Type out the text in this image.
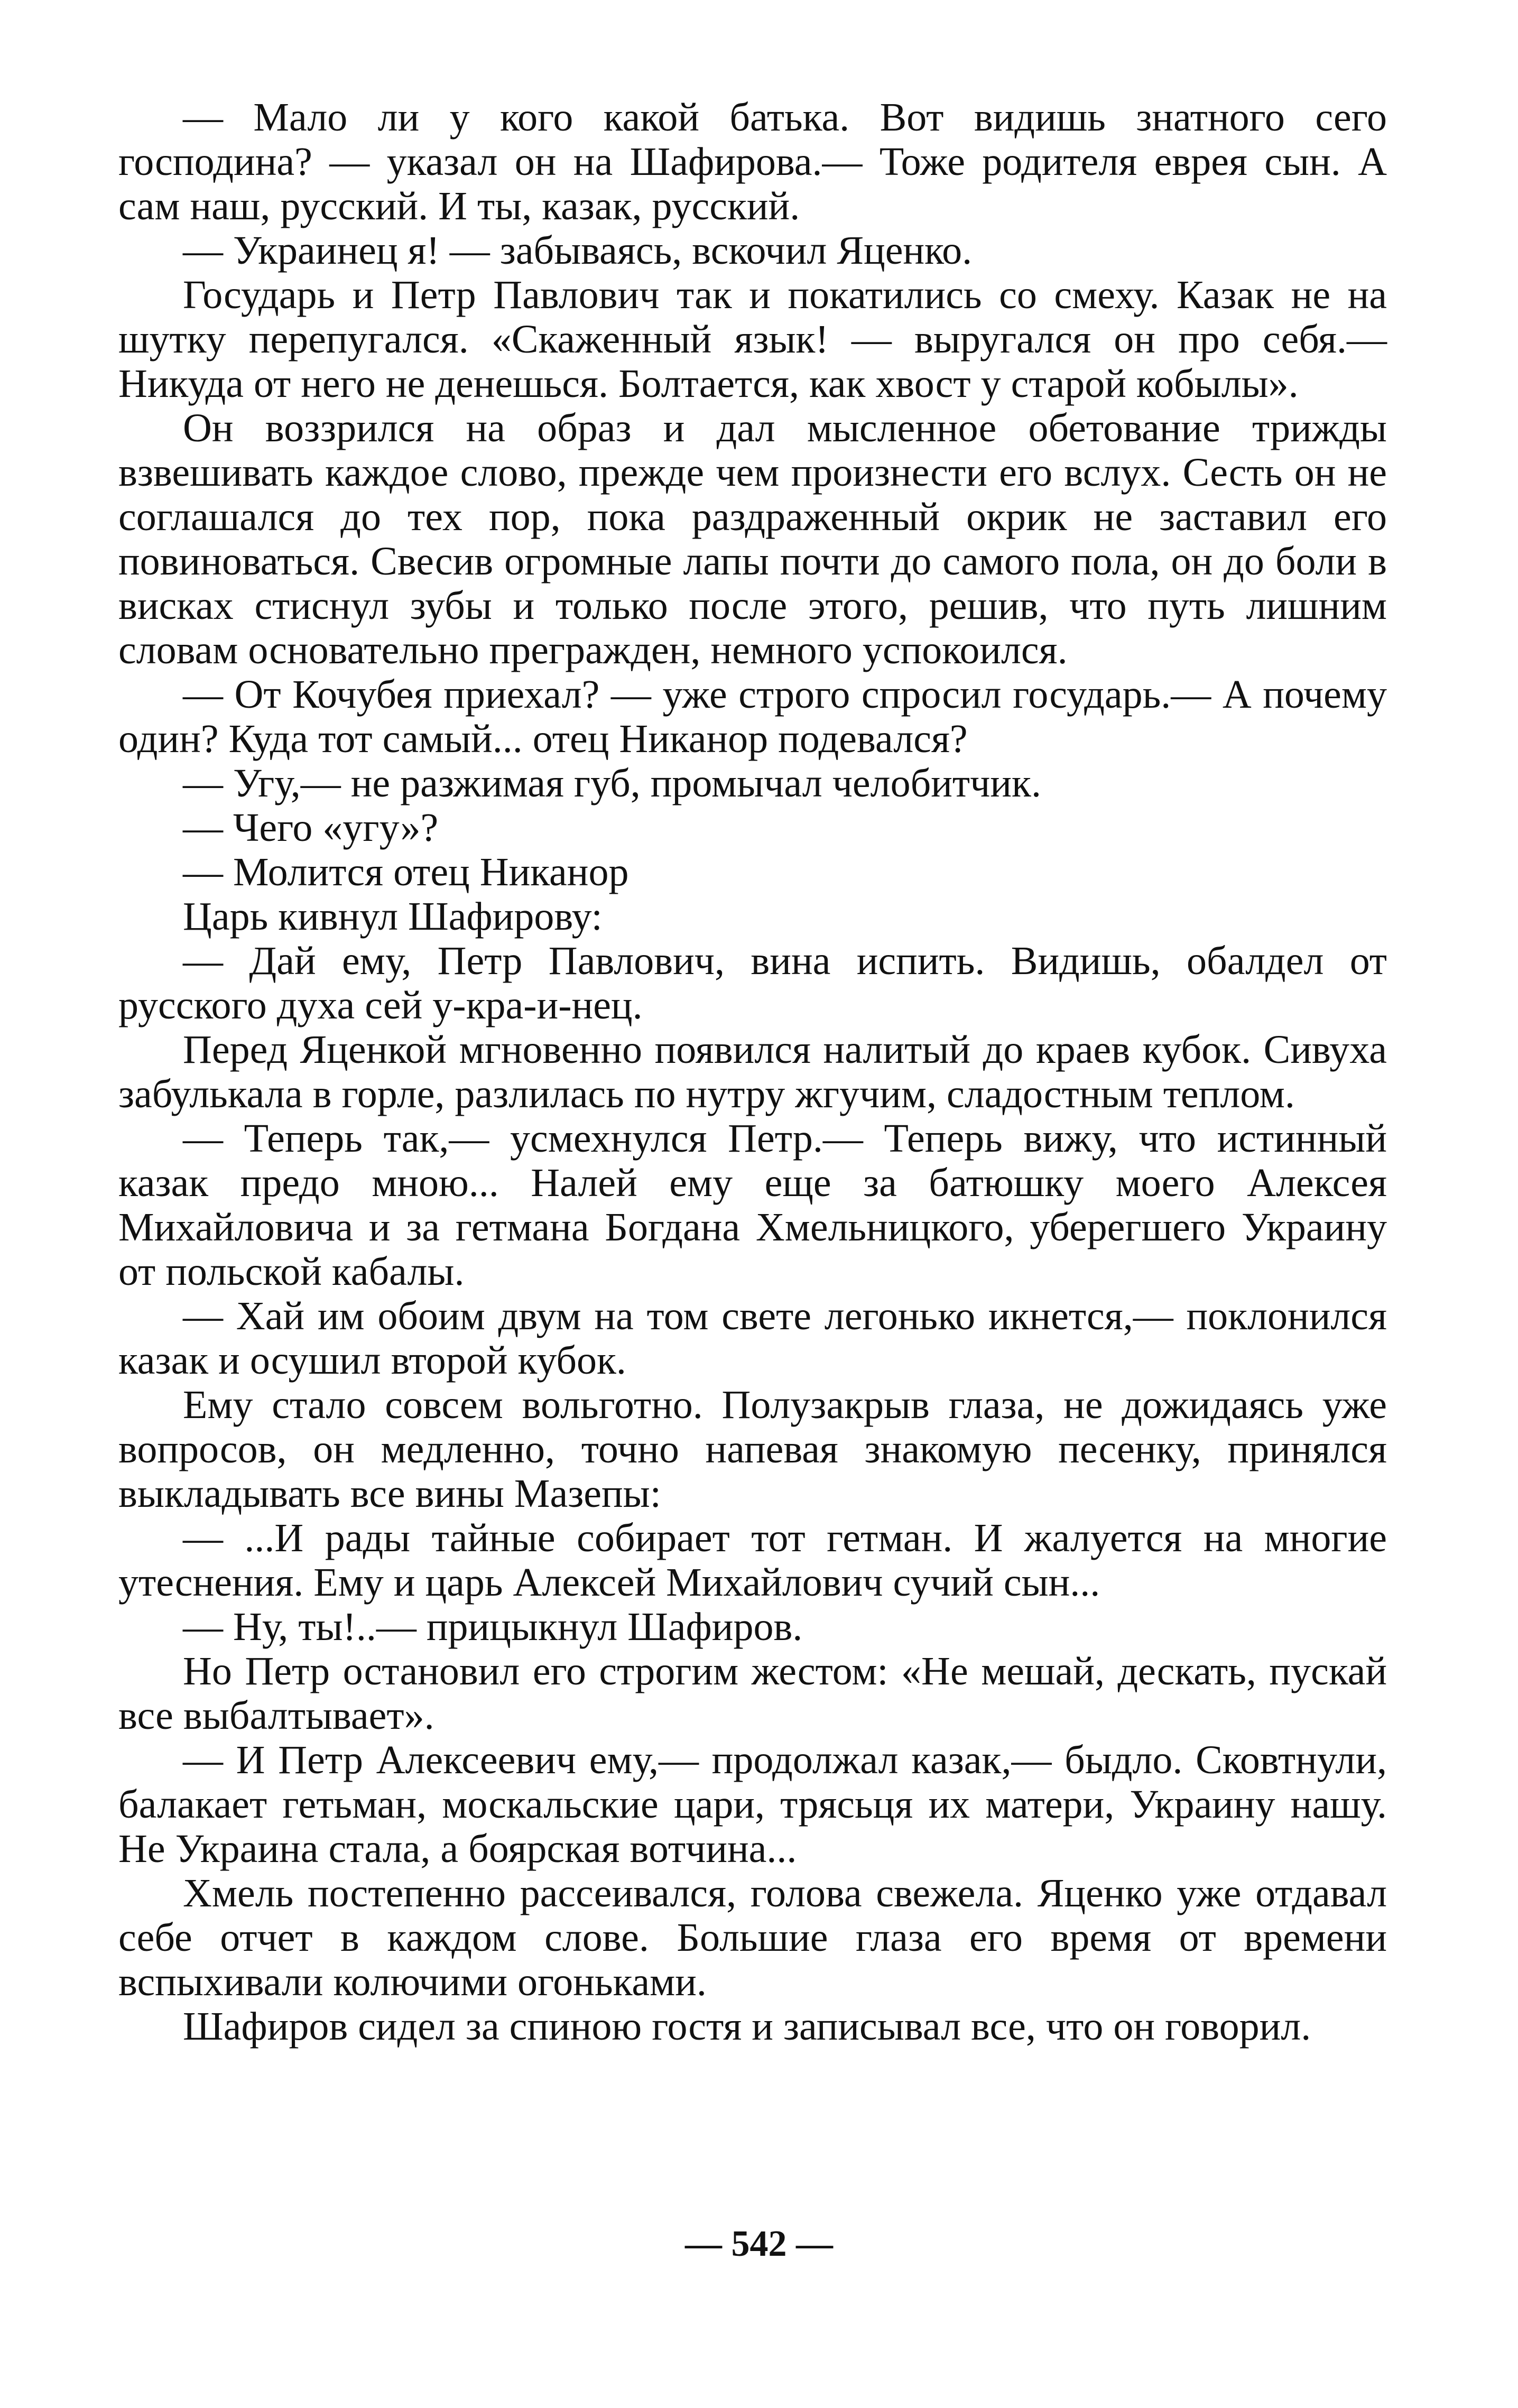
— Мало ли у кого какой батька. Вот видишь знатного сего господина? — указал он на Шафирова.— Тоже родителя еврея сын. А сам наш, русский. И ты, казак, русский.

— Украинец я! — забываясь, вскочил Яценко.

Государь и Петр Павлович так и покатились со смеху. Казак не на шутку перепугался. «Скаженный язык! — выругался он про себя.— Никуда от него не денешься. Болтается, как хвост у старой кобылы».

Он воззрился на образ и дал мысленное обетование трижды взвешивать каждое слово, прежде чем произнести его вслух. Сесть он не соглашался до тех пор, пока раздраженный окрик не заставил его повиноваться. Свесив огромные лапы почти до самого пола, он до боли в висках стиснул зубы и только после этого, решив, что путь лишним словам основательно прегражден, немного успокоился.

— От Кочубея приехал? — уже строго спросил государь.— А почему один? Куда тот самый... отец Никанор подевался?

— Угу,— не разжимая губ, промычал челобитчик.

— Чего «угу»?

— Молится отец Никанор

Царь кивнул Шафирову:

— Дай ему, Петр Павлович, вина испить. Видишь, обалдел от русского духа сей у-кра-и-нец.

Перед Яценкой мгновенно появился налитый до краев кубок. Сивуха забулькала в горле, разлилась по нутру жгучим, сладостным теплом.

— Теперь так,— усмехнулся Петр.— Теперь вижу, что истинный казак предо мною... Налей ему еще за батюшку моего Алексея Михайловича и за гетмана Богдана Хмельницкого, уберегшего Украину от польской кабалы.

— Хай им обоим двум на том свете легонько икнется,— поклонился казак и осушил второй кубок.

Ему стало совсем вольготно. Полузакрыв глаза, не дожидаясь уже вопросов, он медленно, точно напевая знакомую песенку, принялся выкладывать все вины Мазепы:

— ...И рады тайные собирает тот гетман. И жалуется на многие утеснения. Ему и царь Алексей Михайлович сучий сын...

— Ну, ты!..— прицыкнул Шафиров.

Но Петр остановил его строгим жестом: «Не мешай, дескать, пускай все выбалтывает».

— И Петр Алексеевич ему,— продолжал казак,— быдло. Сковтнули, балакает гетьман, москальские цари, трясьця их матери, Украину нашу. Не Украина стала, а боярская вотчина...

Хмель постепенно рассеивался, голова свежела. Яценко уже отдавал себе отчет в каждом слове. Большие глаза его время от времени вспыхивали колючими огоньками.

Шафиров сидел за спиною гостя и записывал все, что он говорил.

— 542 —
